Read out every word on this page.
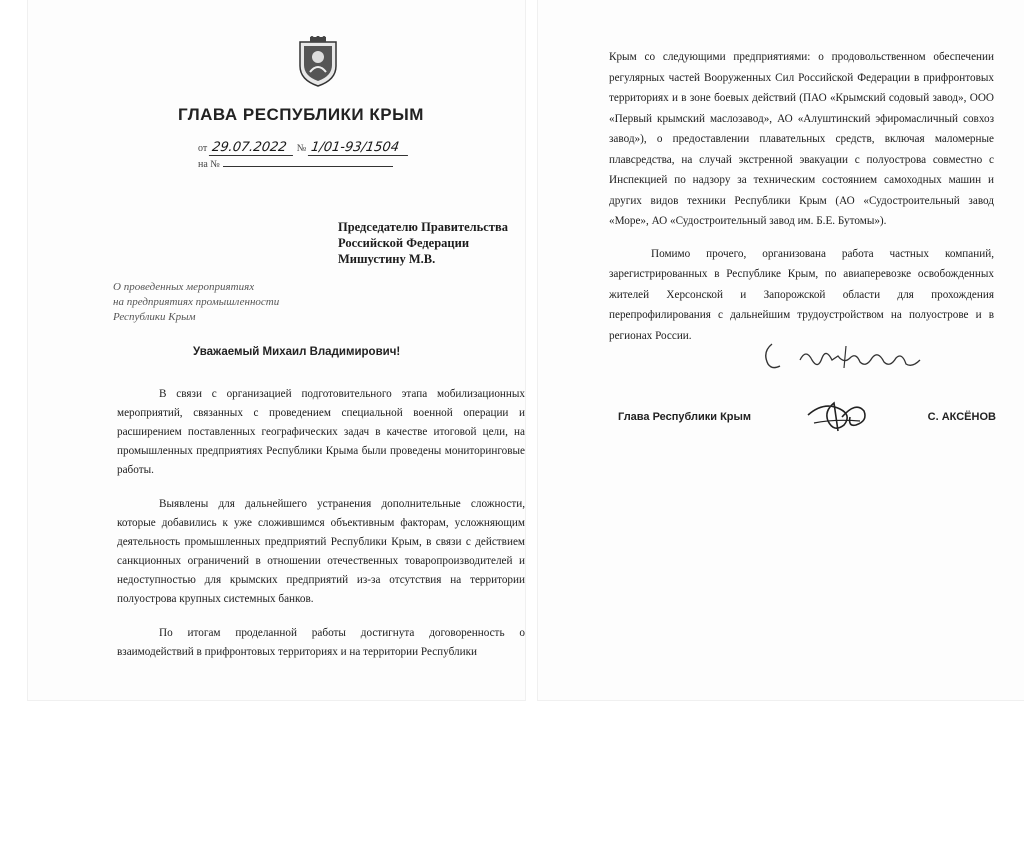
ГЛАВА РЕСПУБЛИКИ КРЫМ
от 29.07.2022 № 1/01-93/1504
на №
Председателю Правительства
Российской Федерации
Мишустину М.В.
О проведенных мероприятиях
на предприятиях промышленности
Республики Крым
Уважаемый Михаил Владимирович!

В связи с организацией подготовительного этапа мобилизационных мероприятий, связанных с проведением специальной военной операции и расширением поставленных географических задач в качестве итоговой цели, на промышленных предприятиях Республики Крыма были проведены мониторинговые работы.

Выявлены для дальнейшего устранения дополнительные сложности, которые добавились к уже сложившимся объективным факторам, усложняющим деятельность промышленных предприятий Республики Крым, в связи с действием санкционных ограничений в отношении отечественных товаропроизводителей и недоступностью для крымских предприятий из-за отсутствия на территории полуострова крупных системных банков.

По итогам проделанной работы достигнута договоренность о взаимодействий в прифронтовых территориях и на территории Республики

Крым со следующими предприятиями: о продовольственном обеспечении регулярных частей Вооруженных Сил Российской Федерации в прифронтовых территориях и в зоне боевых действий (ПАО «Крымский содовый завод», ООО «Первый крымский маслозавод», АО «Алуштинский эфиромасличный совхоз завод»), о предоставлении плавательных средств, включая маломерные плавсредства, на случай экстренной эвакуации с полуострова совместно с Инспекцией по надзору за техническим состоянием самоходных машин и других видов техники Республики Крым (АО «Судостроительный завод «Море», АО «Судостроительный завод им. Б.Е. Бутомы»).

Помимо прочего, организована работа частных компаний, зарегистрированных в Республике Крым, по авиаперевозке освобожденных жителей Херсонской и Запорожской области для прохождения перепрофилирования с дальнейшим трудоустройством на полуострове и в регионах России.

Глава Республики Крым	С. АКСЁНОВ
